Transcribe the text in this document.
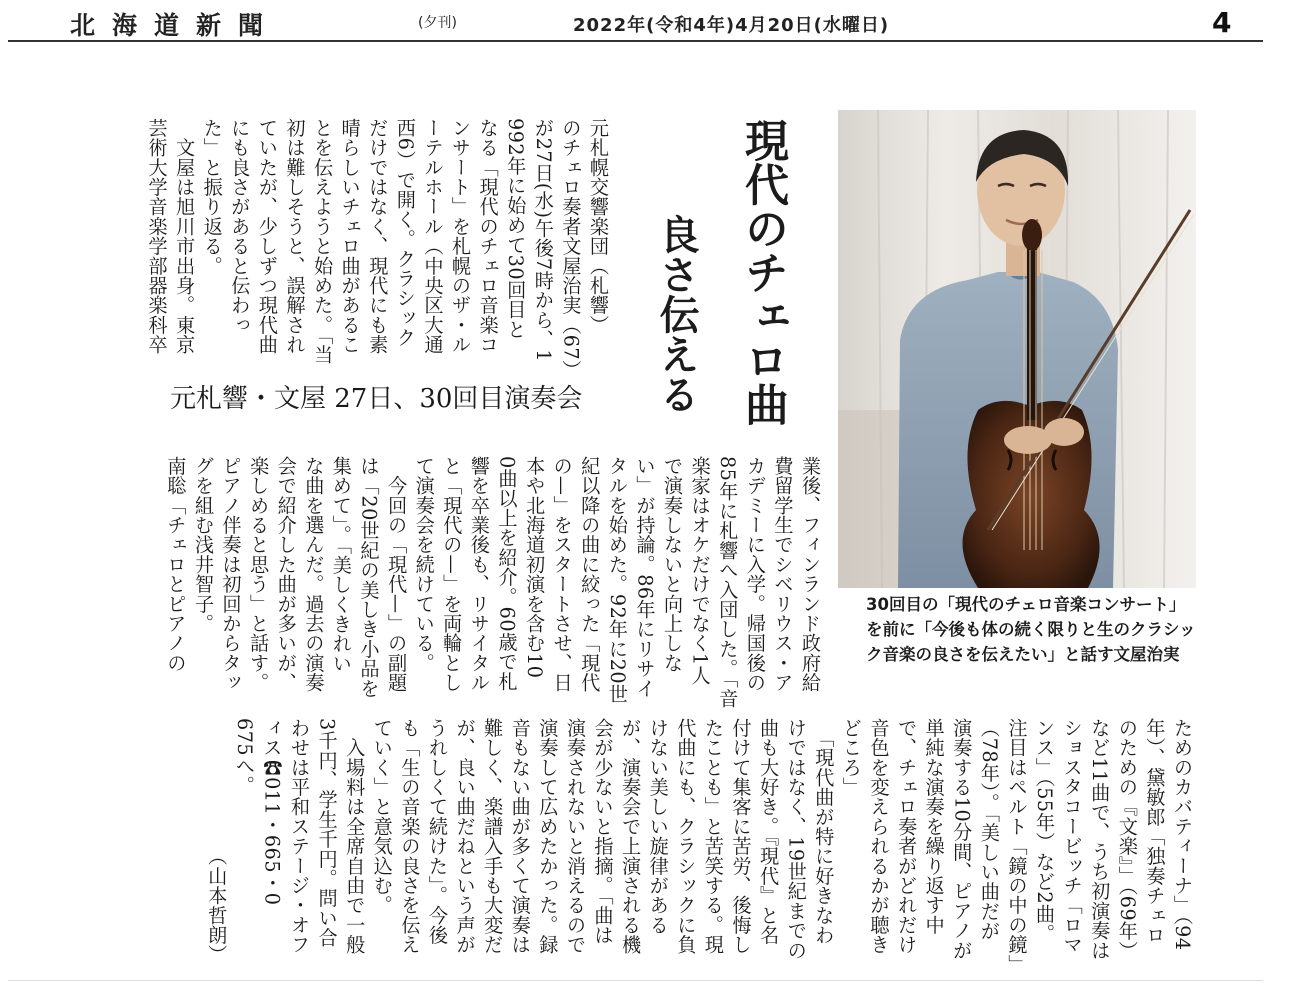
北海道新聞	(夕刊)	2022年(令和4年)4月20日(水曜日)	4
現代のチェロ曲
良さ伝える
元札響・文屋 27日、30回目演奏会
元札幌交響楽団（札響）
のチェロ奏者文屋治実（67）
が27日(水)午後7時から、1
992年に始めて30回目と
なる「現代のチェロ音楽コ
ンサート」を札幌のザ・ル
ーテルホール（中央区大通
西6）で開く。クラシック
だけではなく、現代にも素
晴らしいチェロ曲があるこ
とを伝えようと始めた。「当
初は難しそうと、誤解され
ていたが、少しずつ現代曲
にも良さがあると伝わっ
た」と振り返る。
　文屋は旭川市出身。東京
芸術大学音楽学部器楽科卒
業後、フィンランド政府給
費留学生でシベリウス・ア
カデミーに入学。帰国後の
85年に札響へ入団した。「音
楽家はオケだけでなく1人
で演奏しないと向上しな
い」が持論。86年にリサイ
タルを始めた。92年に20世
紀以降の曲に絞った「現代
の—」をスタートさせ、日
本や北海道初演を含む10
0曲以上を紹介。60歳で札
響を卒業後も、リサイタル
と「現代の—」を両輪とし
て演奏会を続けている。
　今回の「現代—」の副題
は「20世紀の美しき小品を
集めて」。「美しくきれい
な曲を選んだ。過去の演奏
会で紹介した曲が多いが、
楽しめると思う」と話す。
ピアノ伴奏は初回からタッ
グを組む浅井智子。
南聡「チェロとピアノの
ためのカバティーナ」（94
年）、黛敏郎「独奏チェロ
のための『文楽』」（69年）
など11曲で、うち初演奏は
ショスタコービッチ「ロマ
ンス」（55年）など2曲。
注目はペルト「鏡の中の鏡」
（78年）。「美しい曲だが
演奏する10分間、ピアノが
単純な演奏を繰り返す中
で、チェロ奏者がどれだけ
音色を変えられるかが聴き
どころ」
　「現代曲が特に好きなわ
けではなく、19世紀までの
曲も大好き。『現代』と名
付けて集客に苦労、後悔し
たことも」と苦笑する。現
代曲にも、クラシックに負
けない美しい旋律がある
が、演奏会で上演される機
会が少ないと指摘。「曲は
演奏されないと消えるので
演奏して広めたかった。録
音もない曲が多くて演奏は
難しく、楽譜入手も大変だ
が、良い曲だねという声が
うれしくて続けた」。今後
も「生の音楽の良さを伝え
ていく」と意気込む。
　入場料は全席自由で一般
3千円、学生千円。問い合
わせは平和ステージ・オフ
ィス☎011・665・0
675へ。
　　　　　　　（山本哲朗）
30回目の「現代のチェロ音楽コンサート」を前に「今後も体の続く限りと生のクラシック音楽の良さを伝えたい」と話す文屋治実
